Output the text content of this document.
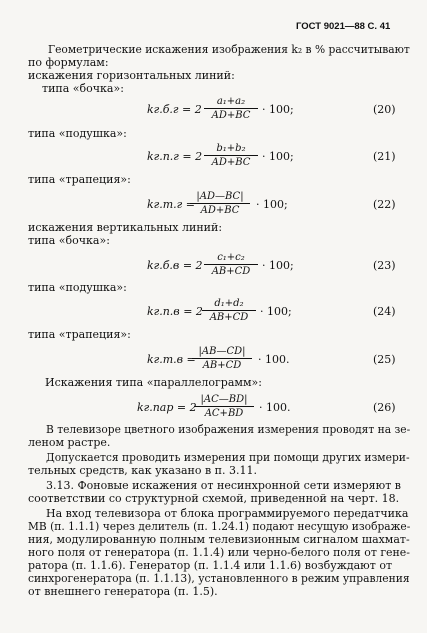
ГОСТ 9021—88 С. 41
Геометрические искажения изображения k₂ в % рассчитывают
по формулам:
искажения горизонтальных линий:
типа «бочка»:
$kг.б.г = 2 \frac{\text{a₁+a₂}}{AD+BC} \cdot 100$;	(20)
типа «подушка»:
$kг.п.г = 2 \frac{\text{b₁+b₂}}{AD+BC} \cdot 100$;	(21)
типа «трапеция»:
kг.т.г =
$\frac{|AD—BC|}{AD+BC} \cdot 100$;	(22)
искажения вертикальных линий:
типа «бочка»:
$kг.б.в = 2 \frac{\text{c₁+c₂}}{AB+CD} \cdot 100$;	(23)
типа «подушка»:
$kг.п.в = 2 \frac{\text{d₁+d₂}}{AB+CD} \cdot 100$;	(24)
типа «трапеция»:
kг.т.в =
$\frac{|AB—CD|}{AB+CD} \cdot 100$.	(25)
Искажения типа «параллелограмм»:
kг.пар = 2
$\frac{|AC—BD|}{AC+BD} \cdot 100$.	(26)
В телевизоре цветного изображения измерения проводят на зе-
леном растре.
Допускается проводить измерения при помощи других измери-
тельных средств, как указано в п. 3.11.
3.13. Фоновые искажения от несинхронной сети измеряют в
соответствии со структурной схемой, приведенной на черт. 18.
На вход телевизора от блока программируемого передатчика
МВ (п. 1.1.1) через делитель (п. 1.24.1) подают несущую изображе-
ния, модулированную полным телевизионным сигналом шахмат-
ного поля от генератора (п. 1.1.4) или черно-белого поля от гене-
ратора (п. 1.1.6). Генератор (п. 1.1.4 или 1.1.6) возбуждают от
синхрогенератора (п. 1.1.13), установленного в режим управления
от внешнего генератора (п. 1.5).
